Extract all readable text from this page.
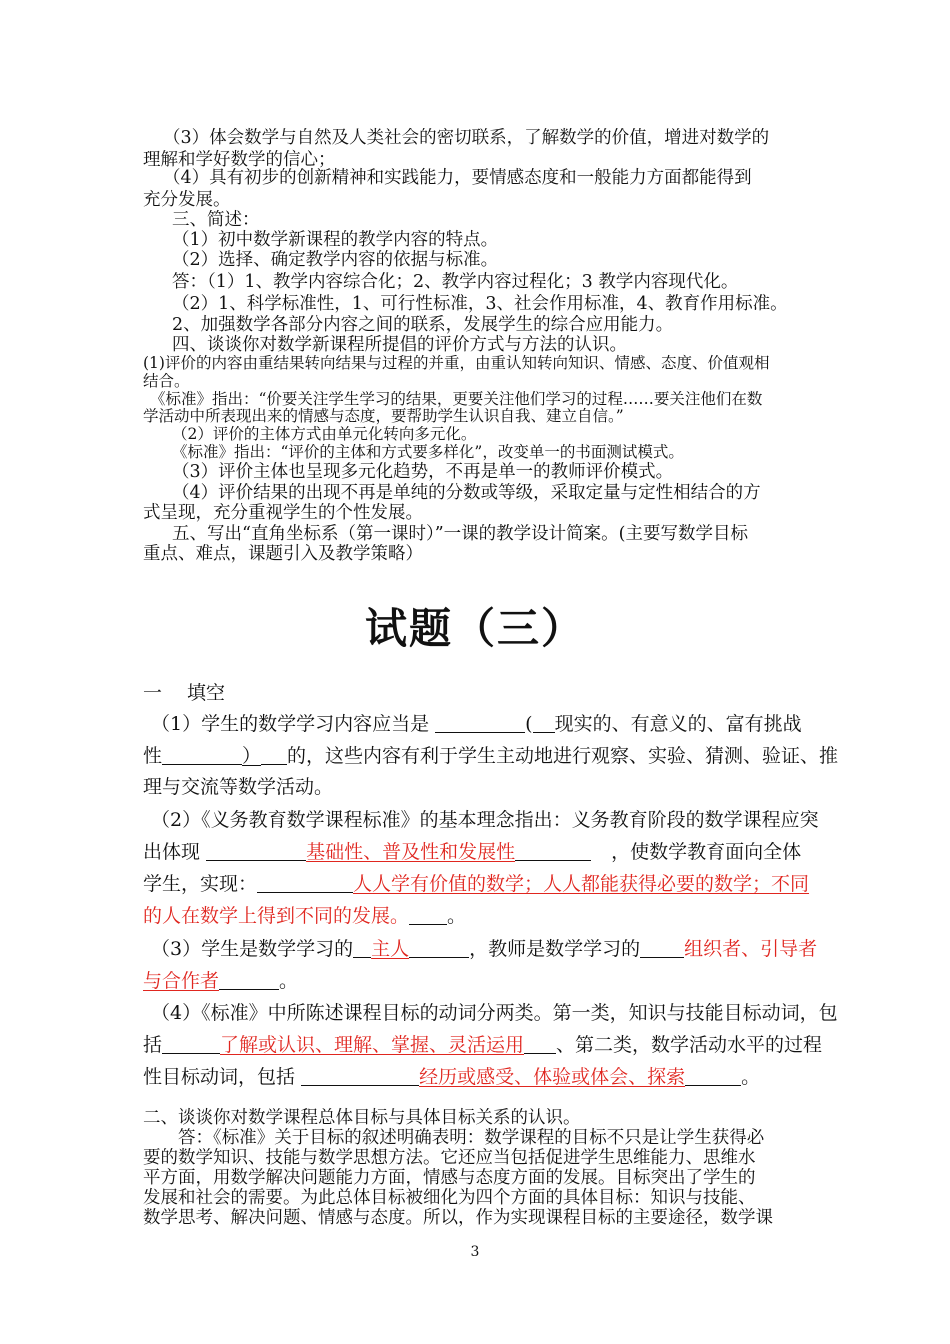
（3）体会数学与自然及人类社会的密切联系，了解数学的价值，增进对数学的
理解和学好数学的信心；
（4）具有初步的创新精神和实践能力，要情感态度和一般能力方面都能得到
充分发展。
三、简述：
（1）初中数学新课程的教学内容的特点。
（2）选择、确定教学内容的依据与标准。
答：（1）1、教学内容综合化；2、教学内容过程化；3 教学内容现代化。
（2）1、科学标准性，1、可行性标准，3、社会作用标准，4、教育作用标准。
2、加强数学各部分内容之间的联系，发展学生的综合应用能力。
四、谈谈你对数学新课程所提倡的评价方式与方法的认识。
(1)评价的内容由重结果转向结果与过程的并重，由重认知转向知识、情感、态度、价值观相
结合。
《标准》指出：“价要关注学生学习的结果，更要关注他们学习的过程……要关注他们在数
学活动中所表现出来的情感与态度，要帮助学生认识自我、建立自信。”
（2）评价的主体方式由单元化转向多元化。
《标准》指出：“评价的主体和方式要多样化”，改变单一的书面测试模式。
（3）评价主体也呈现多元化趋势，不再是单一的教师评价模式。
（4）评价结果的出现不再是单纯的分数或等级，采取定量与定性相结合的方
式呈现，充分重视学生的个性发展。
五、写出“直角坐标系（第一课时）”一课的教学设计简案。(主要写数学目标
重点、难点，课题引入及教学策略）
试题（三）
一　 填空
（1）学生的数学学习内容应当是	( 现实的、有意义的、富有挑战
性	） 的，这些内容有利于学生主动地进行观察、实验、猜测、验证、推
理与交流等数学活动。
（2）《义务教育数学课程标准》的基本理念指出：义务教育阶段的数学课程应突
出体现	基础性、普及性和发展性	，使数学教育面向全体
学生，实现：	人人学有价值的数学；人人都能获得必要的数学；不同
的人在数学上得到不同的发展。 。
（3）学生是数学学习的 主人	，教师是数学学习的 组织者、引导者
与合作者	。
（4）《标准》中所陈述课程目标的动词分两类。第一类，知识与技能目标动词，包
括	了解或认识、理解、掌握、灵活运用 、第二类，数学活动水平的过程
性目标动词，包括	经历或感受、体验或体会、探索	。
二、谈谈你对数学课程总体目标与具体目标关系的认识。
答：《标准》关于目标的叙述明确表明：数学课程的目标不只是让学生获得必
要的数学知识、技能与数学思想方法。它还应当包括促进学生思维能力、思维水
平方面，用数学解决问题能力方面，情感与态度方面的发展。目标突出了学生的
发展和社会的需要。为此总体目标被细化为四个方面的具体目标：知识与技能、
数学思考、解决问题、情感与态度。所以，作为实现课程目标的主要途径，数学课
3
